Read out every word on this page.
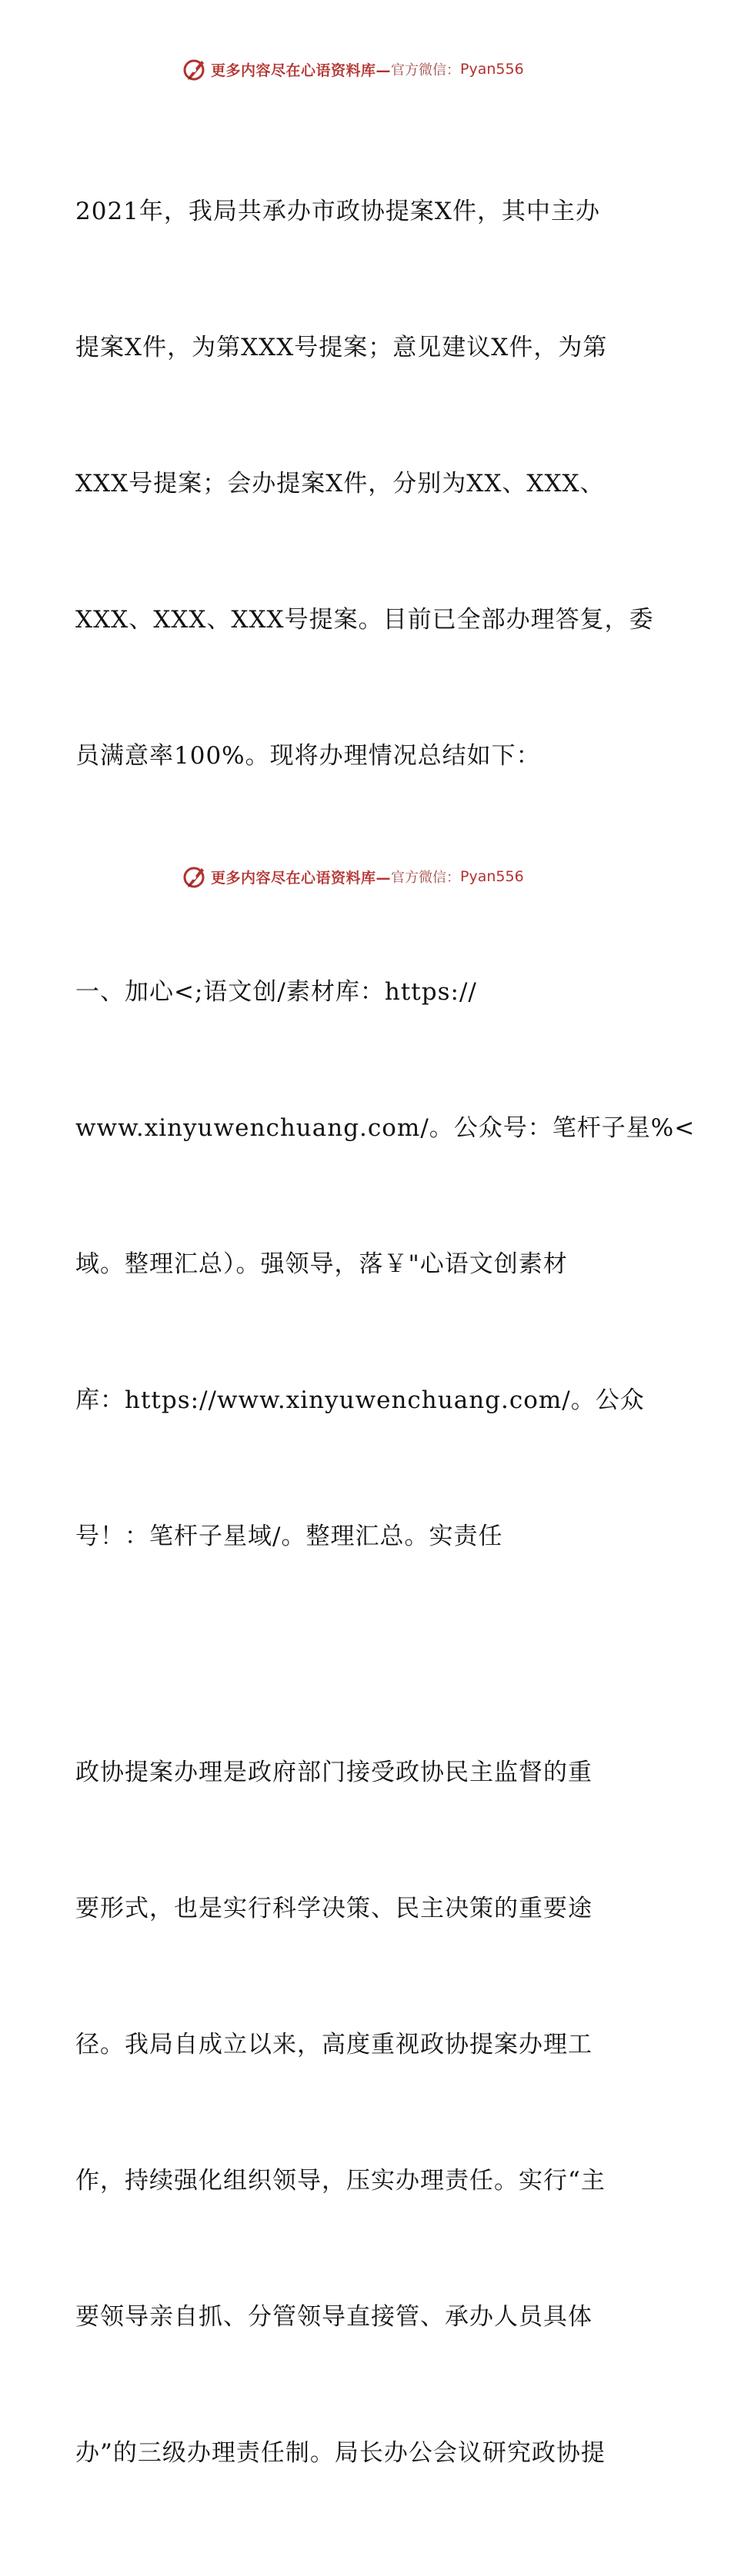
更多内容尽在心语资料库— 官方微信： Pyan556

2021年，我局共承办市政协提案X件，其中主办

提案X件，为第XXX号提案；意见建议X件，为第

XXX号提案；会办提案X件，分别为XX、XXX、

XXX、XXX、XXX号提案。目前已全部办理答复，委

员满意率100%。现将办理情况总结如下：

一、加心<;语文创/素材库：https://

www.xinyuwenchuang.com/。公众号：笔杆子星%<

域。整理汇总）。强领导，落￥"心语文创素材

库：https://www.xinyuwenchuang.com/。公众

号！：笔杆子星域/。整理汇总。实责任

政协提案办理是政府部门接受政协民主监督的重

要形式，也是实行科学决策、民主决策的重要途

径。我局自成立以来，高度重视政协提案办理工

作，持续强化组织领导，压实办理责任。实行“主

要领导亲自抓、分管领导直接管、承办人员具体

办”的三级办理责任制。局长办公会议研究政协提

更多内容尽在心语资料库— 官方微信： Pyan556
